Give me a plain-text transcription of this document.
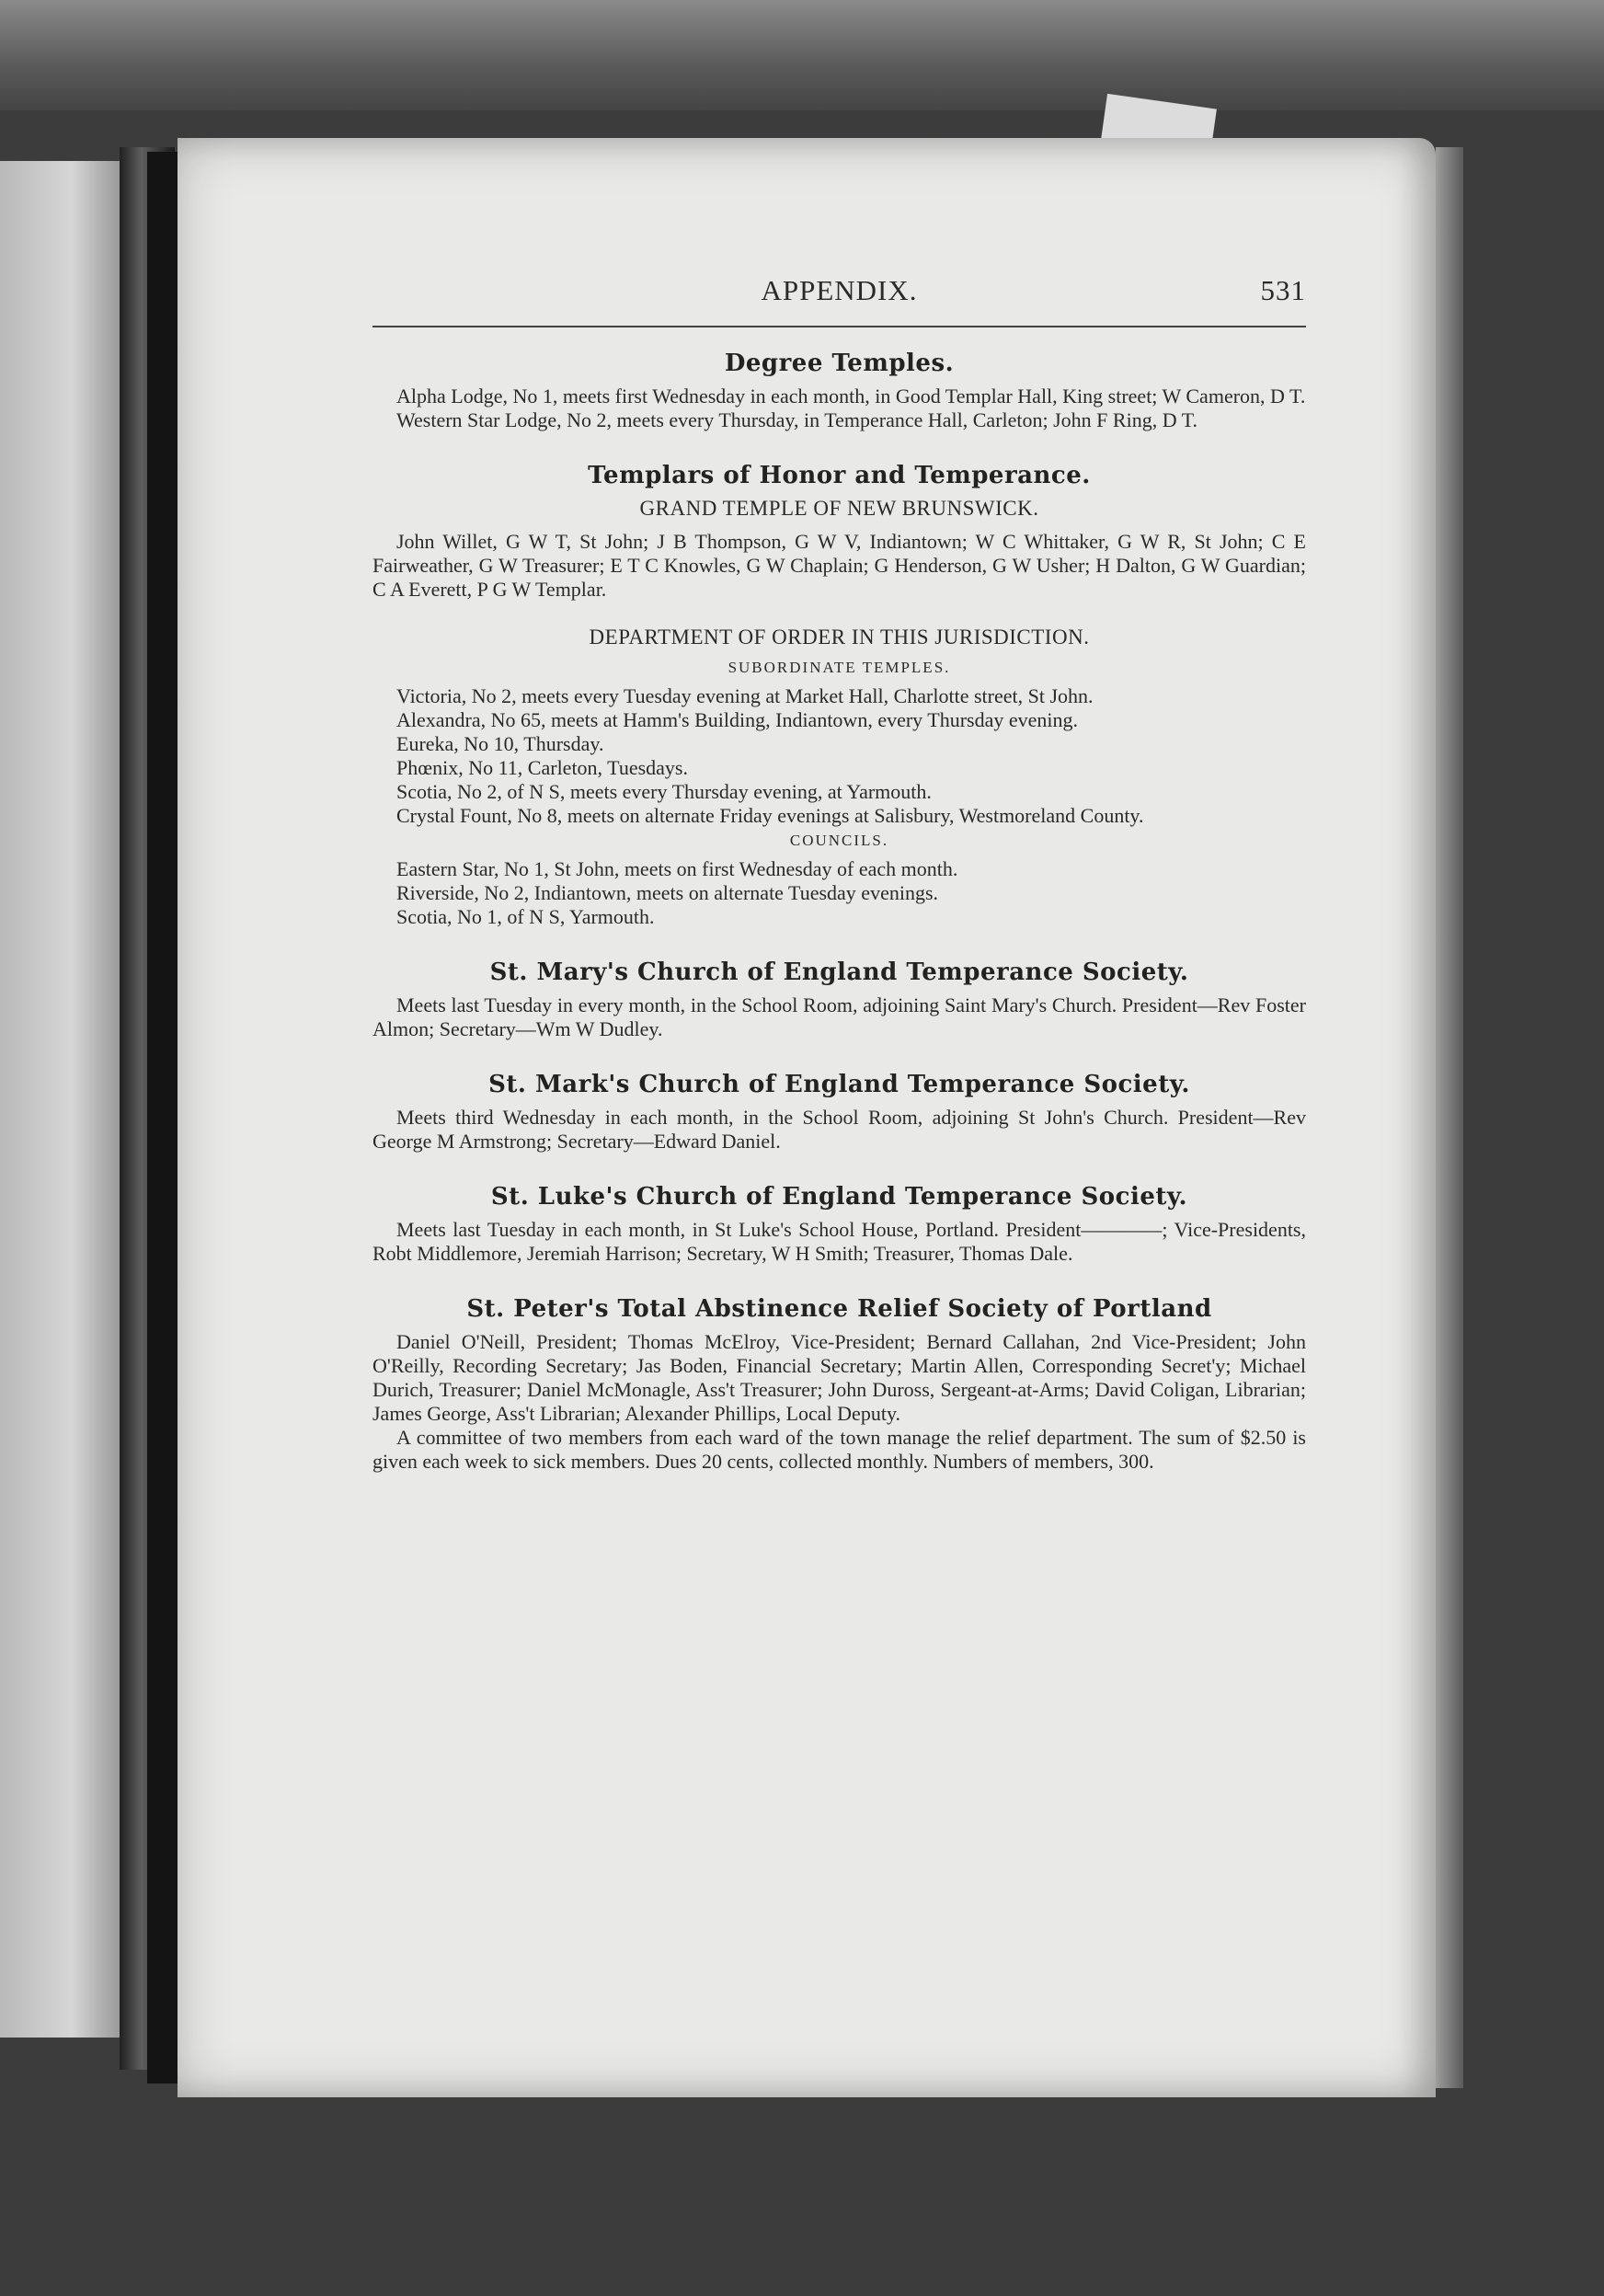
APPENDIX.	531
Degree Temples.

Alpha Lodge, No 1, meets first Wednesday in each month, in Good Templar Hall, King street; W Cameron, D T.

Western Star Lodge, No 2, meets every Thursday, in Temperance Hall, Carleton; John F Ring, D T.

Templars of Honor and Temperance.
GRAND TEMPLE OF NEW BRUNSWICK.

John Willet, G W T, St John; J B Thompson, G W V, Indiantown; W C Whittaker, G W R, St John; C E Fairweather, G W Treasurer; E T C Knowles, G W Chaplain; G Henderson, G W Usher; H Dalton, G W Guardian; C A Everett, P G W Templar.

DEPARTMENT OF ORDER IN THIS JURISDICTION.
SUBORDINATE TEMPLES.

Victoria, No 2, meets every Tuesday evening at Market Hall, Charlotte street, St John.

Alexandra, No 65, meets at Hamm's Building, Indiantown, every Thursday evening.

Eureka, No 10, Thursday.

Phœnix, No 11, Carleton, Tuesdays.

Scotia, No 2, of N S, meets every Thursday evening, at Yarmouth.

Crystal Fount, No 8, meets on alternate Friday evenings at Salisbury, Westmoreland County.

COUNCILS.

Eastern Star, No 1, St John, meets on first Wednesday of each month.

Riverside, No 2, Indiantown, meets on alternate Tuesday evenings.

Scotia, No 1, of N S, Yarmouth.

St. Mary's Church of England Temperance Society.

Meets last Tuesday in every month, in the School Room, adjoining Saint Mary's Church. President—Rev Foster Almon; Secretary—Wm W Dudley.

St. Mark's Church of England Temperance Society.

Meets third Wednesday in each month, in the School Room, adjoining St John's Church. President—Rev George M Armstrong; Secretary—Edward Daniel.

St. Luke's Church of England Temperance Society.

Meets last Tuesday in each month, in St Luke's School House, Portland. President————; Vice-Presidents, Robt Middlemore, Jeremiah Harrison; Secretary, W H Smith; Treasurer, Thomas Dale.

St. Peter's Total Abstinence Relief Society of Portland

Daniel O'Neill, President; Thomas McElroy, Vice-President; Bernard Callahan, 2nd Vice-President; John O'Reilly, Recording Secretary; Jas Boden, Financial Secretary; Martin Allen, Corresponding Secret'y; Michael Durich, Treasurer; Daniel McMonagle, Ass't Treasurer; John Duross, Sergeant-at-Arms; David Coligan, Librarian; James George, Ass't Librarian; Alexander Phillips, Local Deputy.

A committee of two members from each ward of the town manage the relief department. The sum of $2.50 is given each week to sick members. Dues 20 cents, collected monthly. Numbers of members, 300.
